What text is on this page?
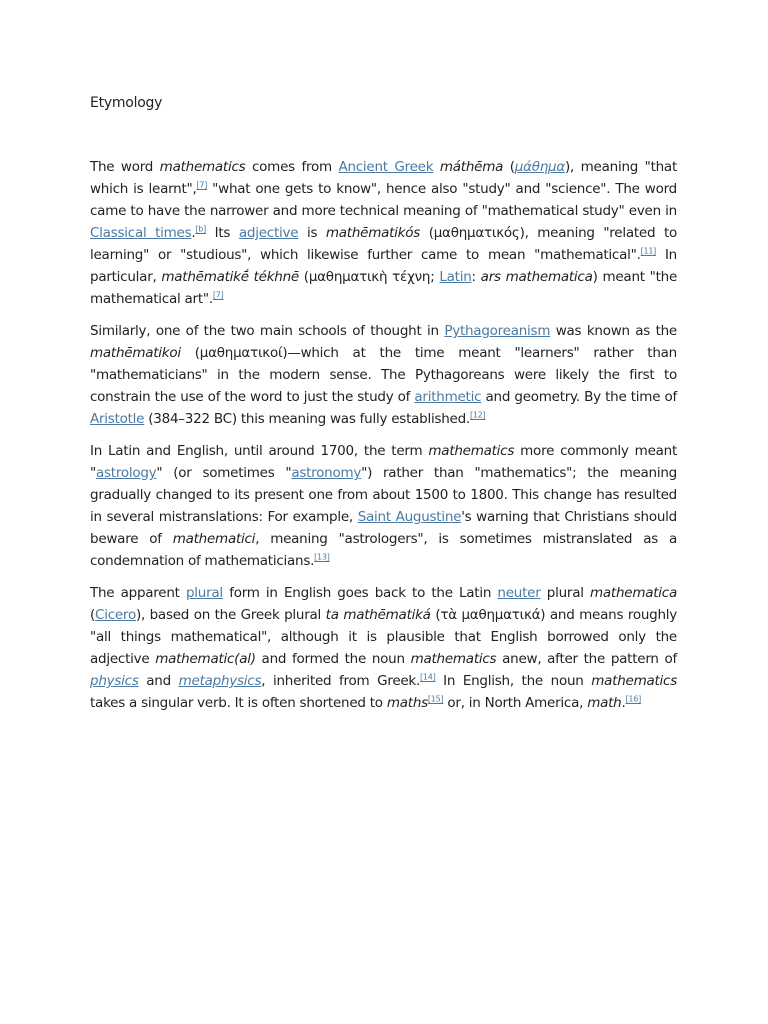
Etymology

The word mathematics comes from Ancient Greek máthēma (μάθημα), meaning "that which is learnt",[7] "what one gets to know", hence also "study" and "science". The word came to have the narrower and more technical meaning of "mathematical study" even in Classical times.[b] Its adjective is mathēmatikós (μαθηματικός), meaning "related to learning" or "studious", which likewise further came to mean "mathematical".[11] In particular, mathēmatikḗ tékhnē (μαθηματικὴ τέχνη; Latin: ars mathematica) meant "the mathematical art".[7]

Similarly, one of the two main schools of thought in Pythagoreanism was known as the mathēmatikoi (μαθηματικοί)—which at the time meant "learners" rather than "mathematicians" in the modern sense. The Pythagoreans were likely the first to constrain the use of the word to just the study of arithmetic and geometry. By the time of Aristotle (384–322 BC) this meaning was fully established.[12]

In Latin and English, until around 1700, the term mathematics more commonly meant "astrology" (or sometimes "astronomy") rather than "mathematics"; the meaning gradually changed to its present one from about 1500 to 1800. This change has resulted in several mistranslations: For example, Saint Augustine's warning that Christians should beware of mathematici, meaning "astrologers", is sometimes mistranslated as a condemnation of mathematicians.[13]

The apparent plural form in English goes back to the Latin neuter plural mathematica (Cicero), based on the Greek plural ta mathēmatiká (τὰ μαθηματικά) and means roughly "all things mathematical", although it is plausible that English borrowed only the adjective mathematic(al) and formed the noun mathematics anew, after the pattern of physics and metaphysics, inherited from Greek.[14] In English, the noun mathematics takes a singular verb. It is often shortened to maths[15] or, in North America, math.[16]
